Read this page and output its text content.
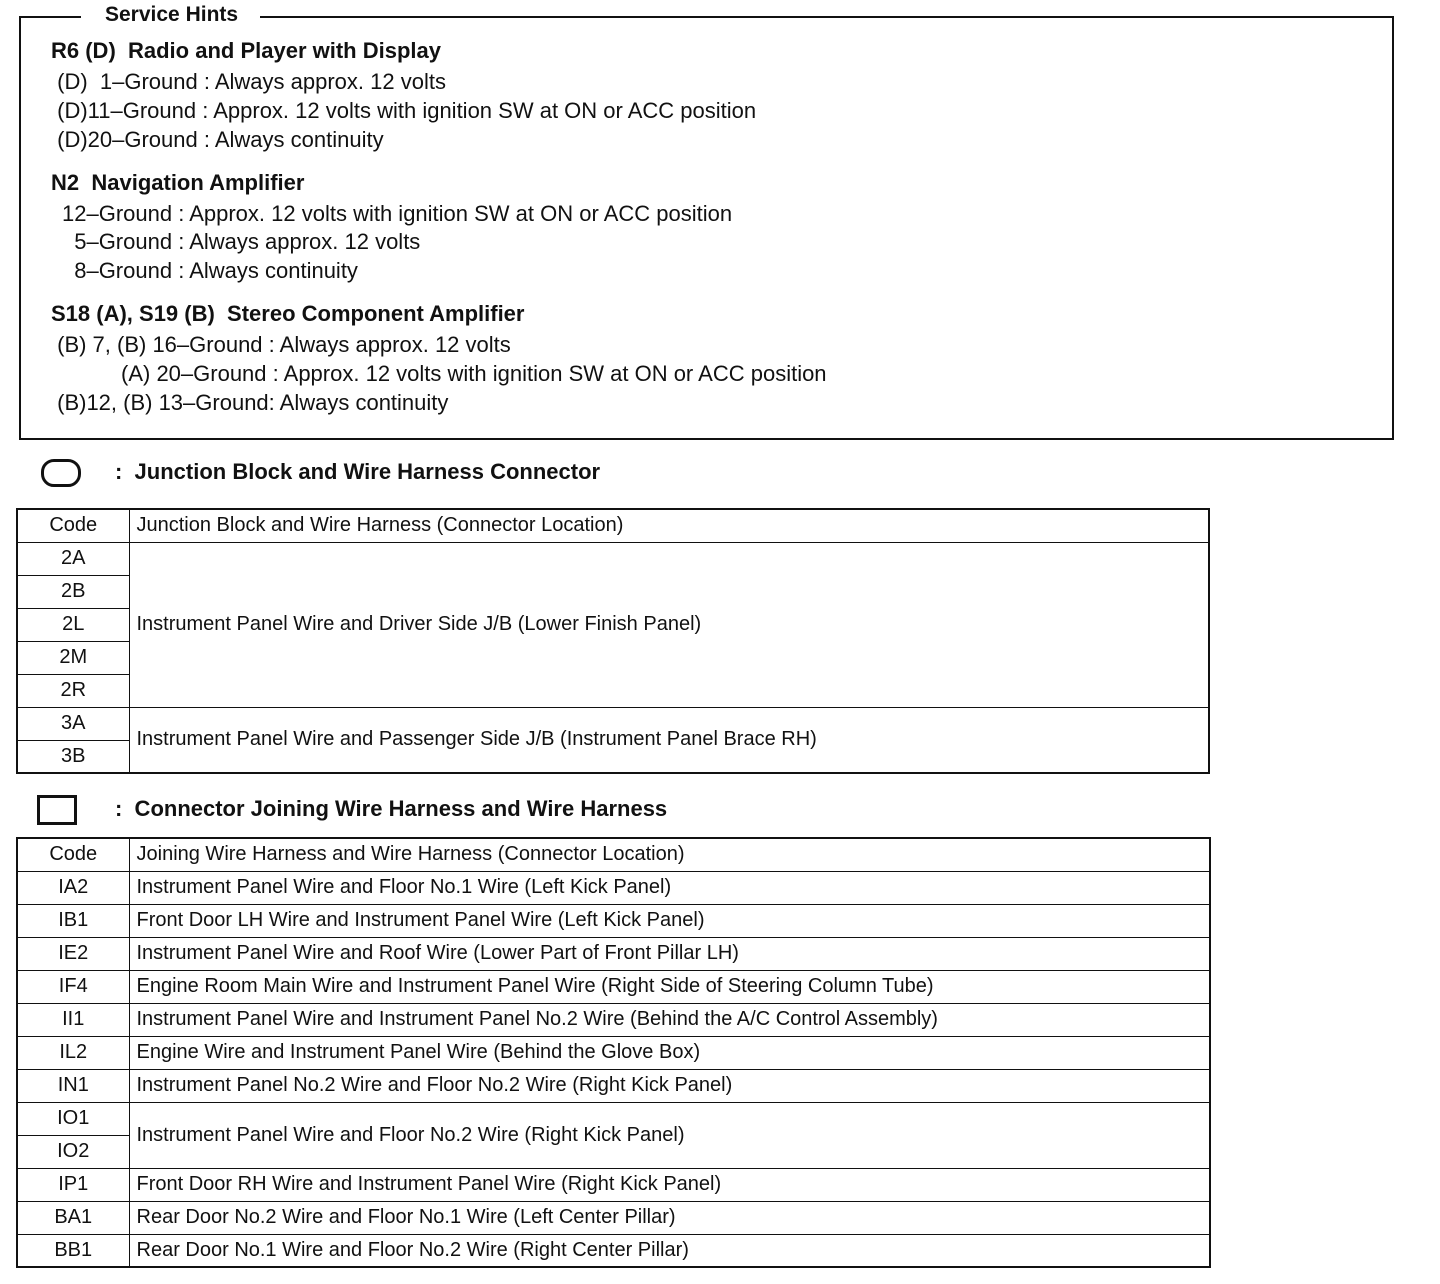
Service Hints
R6 (D)  Radio and Player with Display
(D)  1–Ground : Always approx. 12 volts
(D)11–Ground : Approx. 12 volts with ignition SW at ON or ACC position
(D)20–Ground : Always continuity
N2  Navigation Amplifier
12–Ground : Approx. 12 volts with ignition SW at ON or ACC position
5–Ground : Always approx. 12 volts
8–Ground : Always continuity
S18 (A), S19 (B)  Stereo Component Amplifier
(B) 7, (B) 16–Ground : Always approx. 12 volts
(A) 20–Ground : Approx. 12 volts with ignition SW at ON or ACC position
(B)12, (B) 13–Ground: Always continuity
:  Junction Block and Wire Harness Connector
Code	Junction Block and Wire Harness (Connector Location)
2A	Instrument Panel Wire and Driver Side J/B (Lower Finish Panel)
2B	
2L	
2M	
2R	
3A	Instrument Panel Wire and Passenger Side J/B (Instrument Panel Brace RH)
3B	
:  Connector Joining Wire Harness and Wire Harness
Code	Joining Wire Harness and Wire Harness (Connector Location)
IA2	Instrument Panel Wire and Floor No.1 Wire (Left Kick Panel)
IB1	Front Door LH Wire and Instrument Panel Wire (Left Kick Panel)
IE2	Instrument Panel Wire and Roof Wire (Lower Part of Front Pillar LH)
IF4	Engine Room Main Wire and Instrument Panel Wire (Right Side of Steering Column Tube)
II1	Instrument Panel Wire and Instrument Panel No.2 Wire (Behind the A/C Control Assembly)
IL2	Engine Wire and Instrument Panel Wire (Behind the Glove Box)
IN1	Instrument Panel No.2 Wire and Floor No.2 Wire (Right Kick Panel)
IO1	Instrument Panel Wire and Floor No.2 Wire (Right Kick Panel)
IO2	
IP1	Front Door RH Wire and Instrument Panel Wire (Right Kick Panel)
BA1	Rear Door No.2 Wire and Floor No.1 Wire (Left Center Pillar)
BB1	Rear Door No.1 Wire and Floor No.2 Wire (Right Center Pillar)
